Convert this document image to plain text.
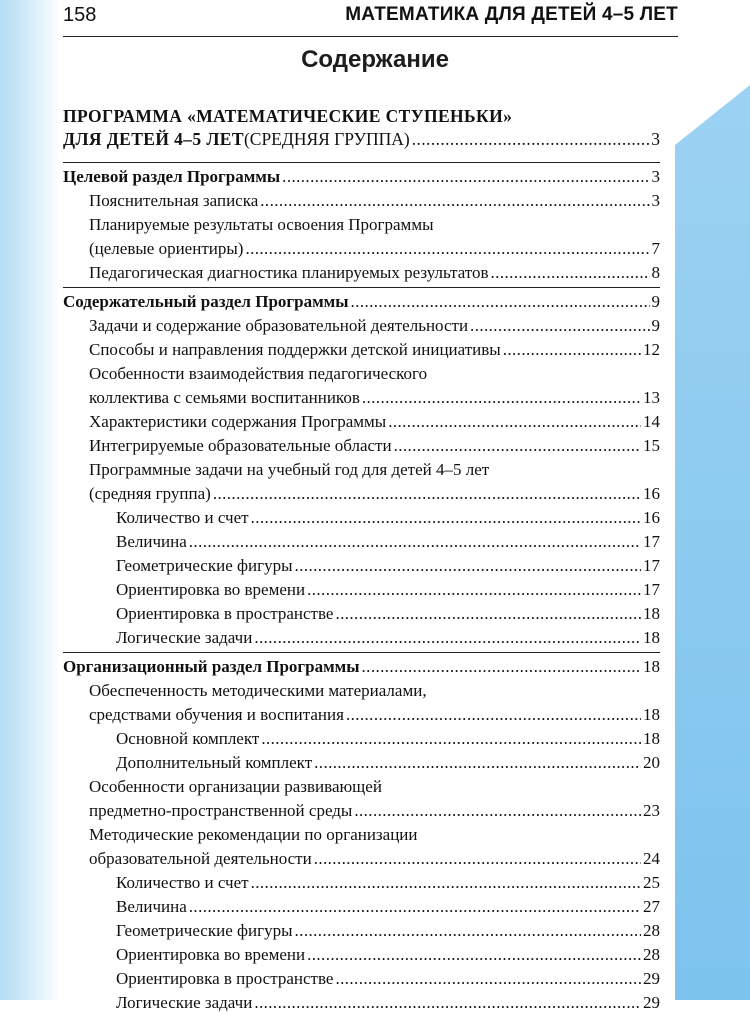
158	МАТЕМАТИКА ДЛЯ ДЕТЕЙ 4–5 ЛЕТ
Содержание
ПРОГРАММА «МАТЕМАТИЧЕСКИЕ СТУПЕНЬКИ»
ДЛЯ ДЕТЕЙ 4–5 ЛЕТ (СРЕДНЯЯ ГРУППА) .....	3
Целевой раздел Программы .....	3
Пояснительная записка .....	3
Планируемые результаты освоения Программы
(целевые ориентиры) .....	7
Педагогическая диагностика планируемых результатов .....	8
Содержательный раздел Программы .....	9
Задачи и содержание образовательной деятельности .....	9
Способы и направления поддержки детской инициативы .....	12
Особенности взаимодействия педагогического
коллектива с семьями воспитанников .....	13
Характеристики содержания Программы .....	14
Интегрируемые образовательные области .....	15
Программные задачи на учебный год для детей 4–5 лет
(средняя группа) .....	16
Количество и счет .....	16
Величина .....	17
Геометрические фигуры .....	17
Ориентировка во времени .....	17
Ориентировка в пространстве .....	18
Логические задачи .....	18
Организационный раздел Программы .....	18
Обеспеченность методическими материалами,
средствами обучения и воспитания .....	18
Основной комплект .....	18
Дополнительный комплект .....	20
Особенности организации развивающей
предметно-пространственной среды .....	23
Методические рекомендации по организации
образовательной деятельности .....	24
Количество и счет .....	25
Величина .....	27
Геометрические фигуры .....	28
Ориентировка во времени .....	28
Ориентировка в пространстве .....	29
Логические задачи .....	29
